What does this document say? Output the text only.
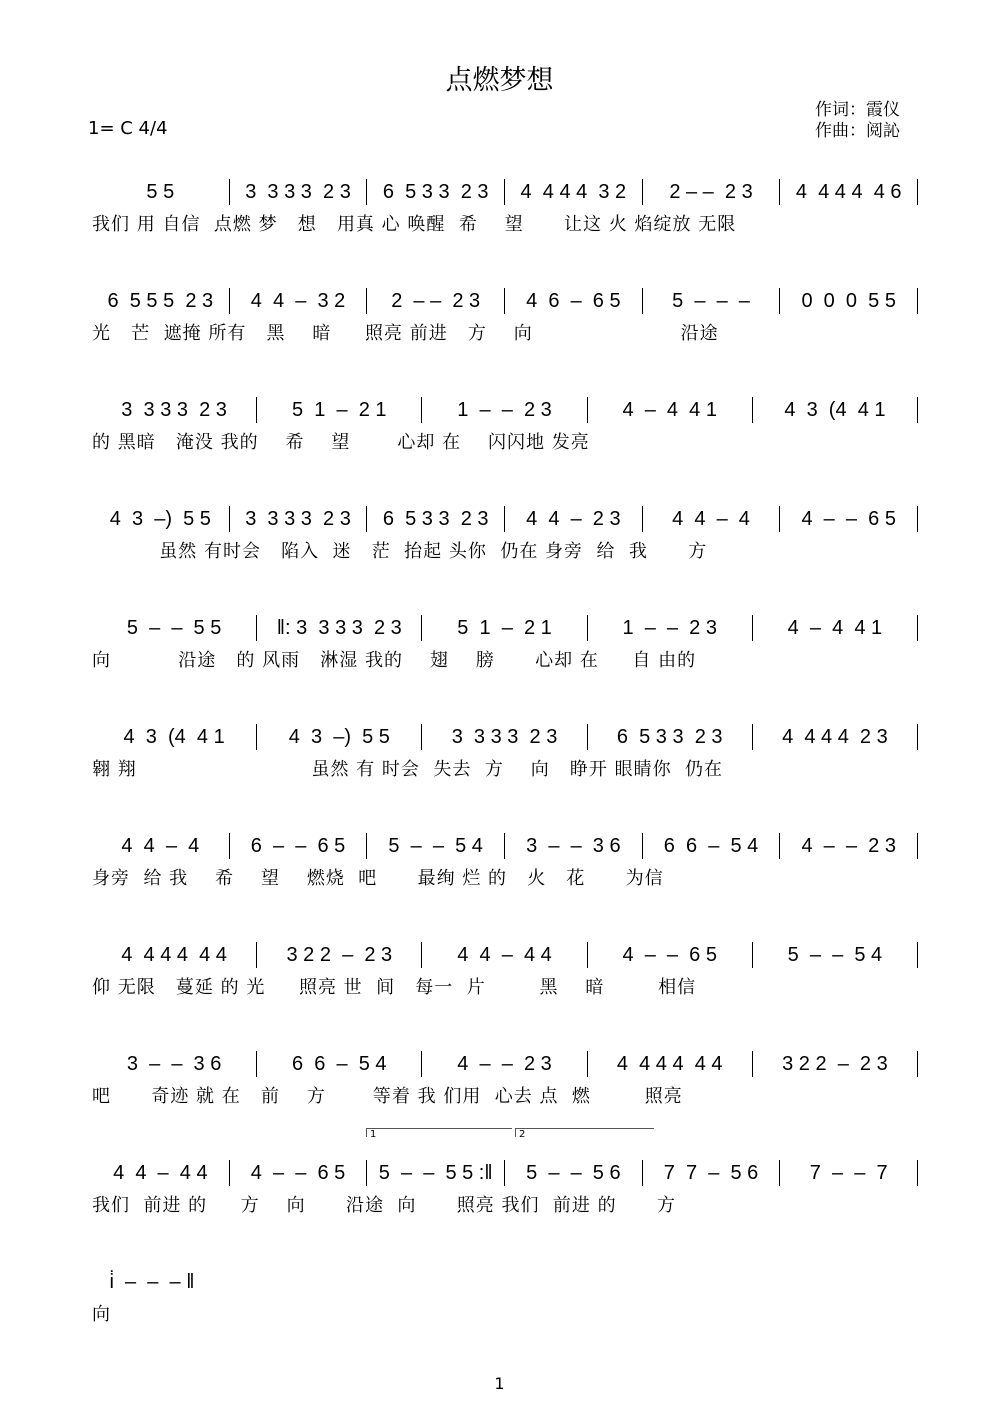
点燃梦想
1= C 4/4
作词：霞仪
作曲：阅訫
5 5	3  3 3 3  2 3	6  5 3 3  2 3	4  4 4 4  3 2	2 – –  2 3	4  4 4 4  4 6
我们 用 自信  点燃 梦   想   用真 心 唤醒  希    望      让这 火 焰绽放 无限
6  5 5 5  2 3	4  4  –  3 2	2  – –  2 3	4  6  –  6 5	5  –  –  –	0  0  0  5 5
光   芒  遮掩 所有   黑    暗     照亮 前进   方    向                      沿途
3  3 3 3  2 3	5  1  –  2 1	1  –  –  2 3	4  –  4  4 1	4  3  (4  4 1
的 黑暗   淹没 我的    希    望       心却 在    闪闪地 发亮
4  3  –)  5 5	3  3 3 3  2 3	6  5 3 3  2 3	4  4  –  2 3	4  4  –  4	4  –  –  6 5
虽然 有时会   陷入  迷   茫  抬起 头你  仍在 身旁  给  我      方
5  –  –  5 5	‖: 3  3 3 3  2 3	5  1  –  2 1	1  –  –  2 3	4  –  4  4 1
向          沿途   的 风雨   淋湿 我的    翅    膀      心却 在     自 由的
4  3  (4  4 1	4  3  –)  5 5	3  3 3 3  2 3	6  5 3 3  2 3	4  4 4 4  2 3
翱 翔                          虽然 有 时会  失去  方    向   睁开 眼睛你  仍在
4  4  –  4	6  –  –  6 5	5  –  –  5 4	3  –  –  3 6	6  6  –  5 4	4  –  –  2 3
身旁  给 我    希    望    燃烧  吧      最绚 烂 的   火   花      为信
4  4 4 4  4 4	3 2 2  –  2 3	4  4  –  4 4	4  –  –  6 5	5  –  –  5 4
仰 无限   蔓延 的 光     照亮 世  间   每一  片        黑    暗        相信
3  –  –  3 6	6  6  –  5 4	4  –  –  2 3	4  4 4 4  4 4	3 2 2  –  2 3
吧      奇迹 就 在   前    方       等着 我 们用  心去 点  燃        照亮
4  4  –  4 4	4  –  –  6 5	5  –  –  5 5 :‖	5  –  –  5 6	7  7  –  5 6	7  –  –  7
我们  前进 的     方    向      沿途  向      照亮 我们  前进 的      方
i̇  –  –  – ‖
向
1	2
1
